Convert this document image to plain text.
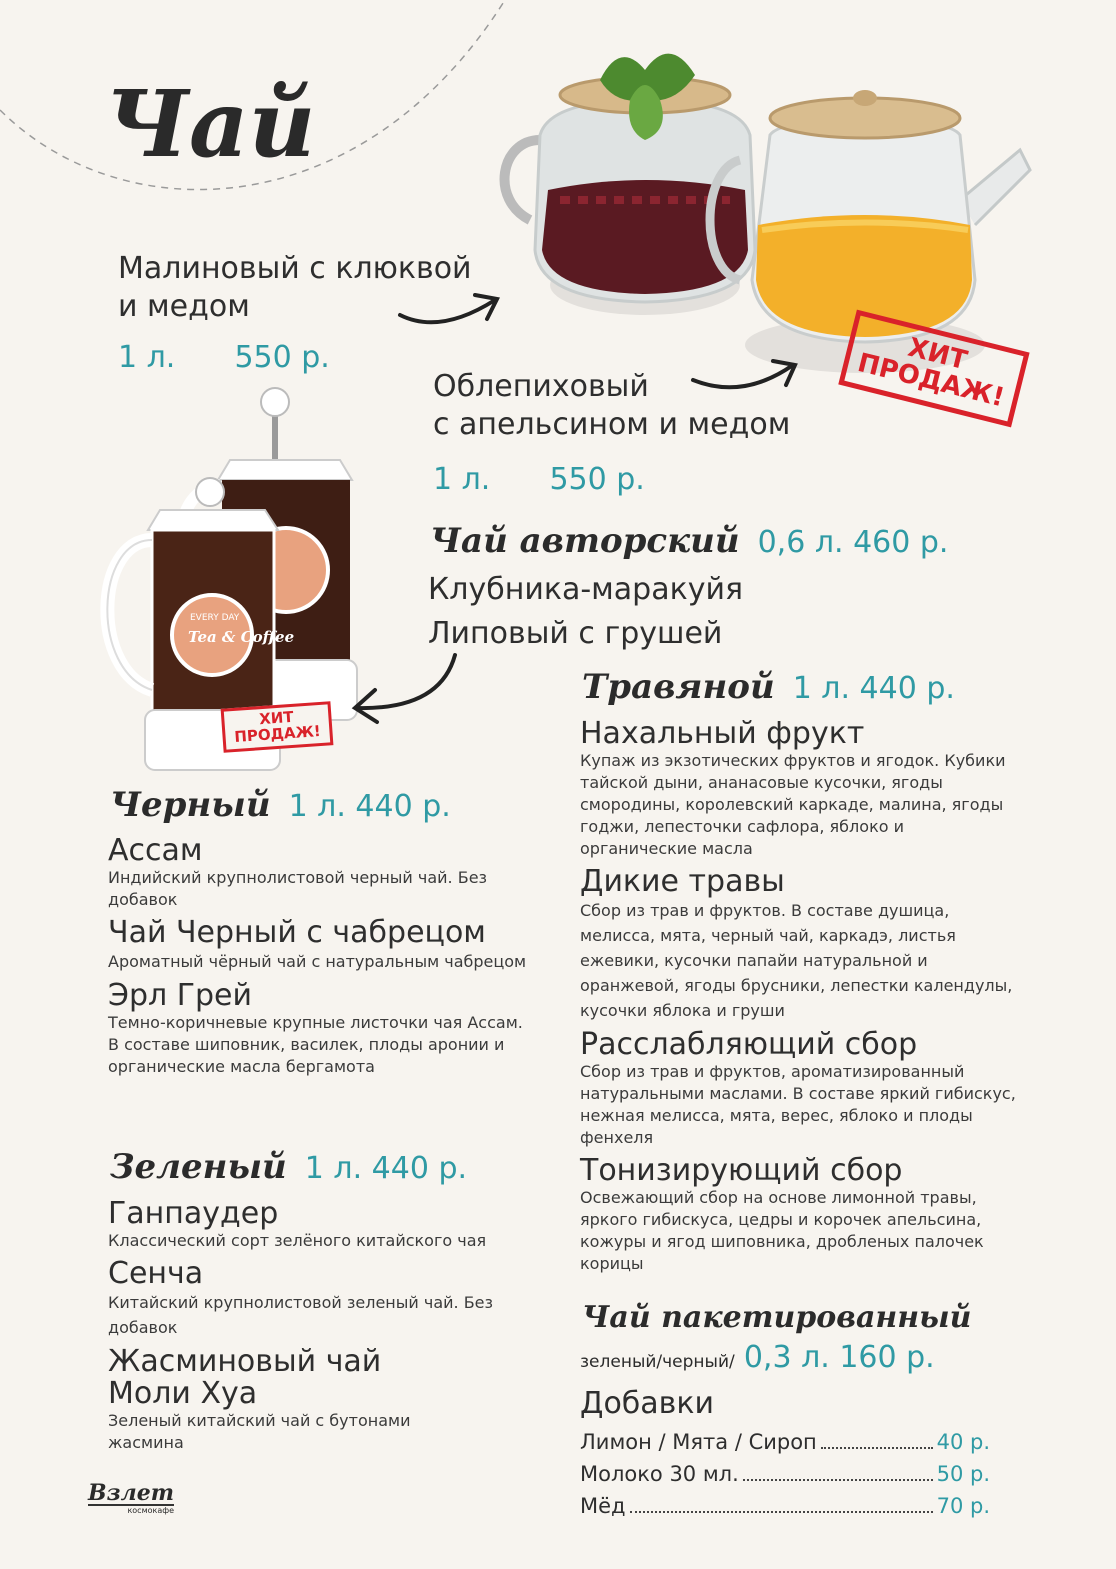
Чай
Малиновый с клюквой
и медом
1 л. 550 р.
Облепиховый
с апельсином и медом
1 л. 550 р.
ХИТ ПРОДАЖ!
EVERY DAY
Tea & Coffee
ХИТ ПРОДАЖ!
Чай авторский 0,6 л. 460 р.
Клубника-маракуйя
Липовый с грушей
Травяной 1 л. 440 р.
Нахальный фрукт
Купаж из экзотических фруктов и ягодок. Кубики тайской дыни, ананасовые кусочки, ягоды смородины, королевский каркаде, малина, ягоды годжи, лепесточки сафлора, яблоко и органические масла
Дикие травы
Сбор из трав и фруктов. В составе душица, мелисса, мята, черный чай, каркадэ, листья ежевики, кусочки папайи натуральной и оранжевой, ягоды брусники, лепестки календулы, кусочки яблока и груши
Расслабляющий сбор
Сбор из трав и фруктов, ароматизированный натуральными маслами. В составе яркий гибискус, нежная мелисса, мята, верес, яблоко и плоды фенхеля
Тонизирующий сбор
Освежающий сбор на основе лимонной травы, яркого гибискуса, цедры и корочек апельсина, кожуры и ягод шиповника, дробленых палочек корицы
Чай пакетированный
зеленый/черный/ 0,3 л. 160 р.
Добавки
Лимон / Мята / Сироп	40 р.
Молоко 30 мл.	50 р.
Мёд	70 р.
Черный 1 л. 440 р.
Ассам
Индийский крупнолистовой черный чай. Без добавок
Чай Черный с чабрецом
Ароматный чёрный чай с натуральным чабрецом
Эрл Грей
Темно-коричневые крупные листочки чая Ассам. В составе шиповник, василек, плоды аронии и органические масла бергамота
Зеленый 1 л. 440 р.
Ганпаудер
Классический сорт зелёного китайского чая
Сенча
Китайский крупнолистовой зеленый чай. Без добавок
Жасминовый чай Моли Хуа
Зеленый китайский чай с бутонами жасмина
Взлет
космокафе
